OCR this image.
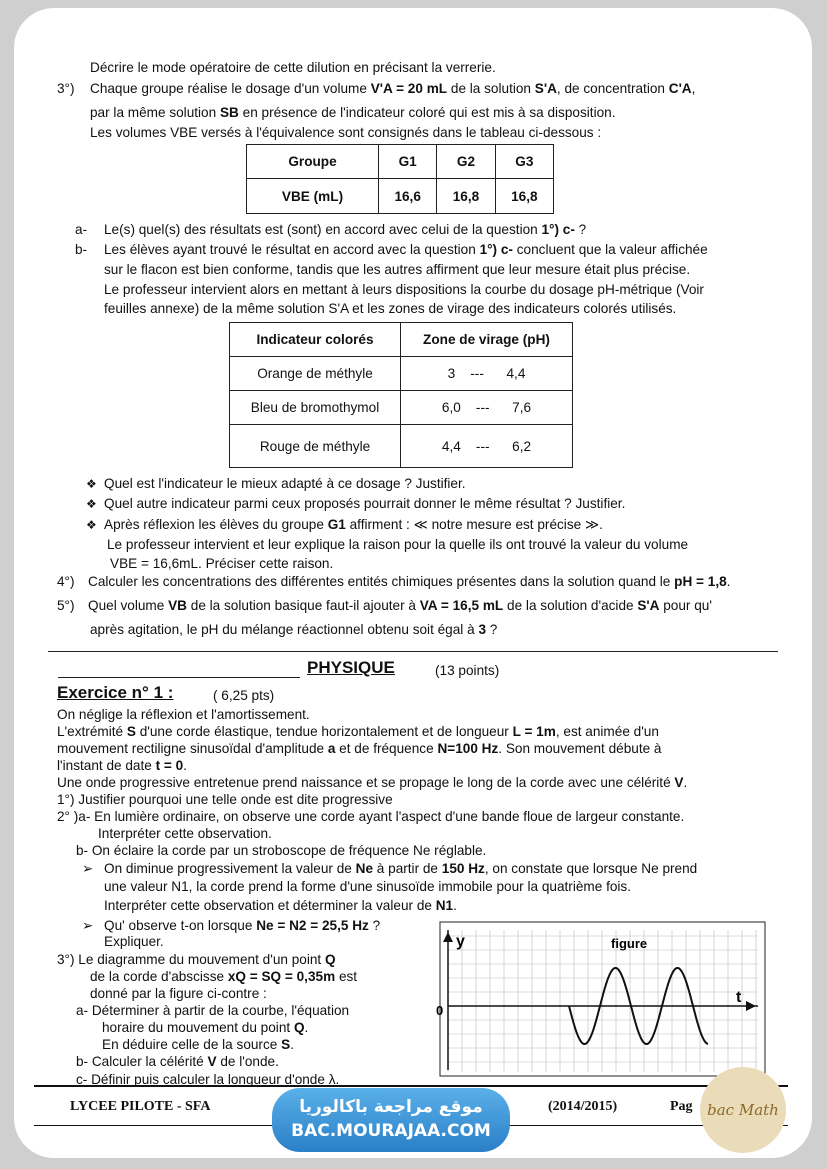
Décrire le mode opératoire de cette dilution en précisant la verrerie.
3°) Chaque groupe réalise le dosage d'un volume V'A = 20 mL de la solution S'A, de concentration C'A,
par la même solution SB en présence de l'indicateur coloré qui est mis à sa disposition.
Les volumes VBE versés à l'équivalence sont consignés dans le tableau ci-dessous :
Groupe	G1	G2	G3
VBE (mL)	16,6	16,8	16,8
a- Le(s) quel(s) des résultats est (sont) en accord avec celui de la question 1°) c- ?
b- Les élèves ayant trouvé le résultat en accord avec la question 1°) c- concluent que la valeur affichée
sur le flacon est bien conforme, tandis que les autres affirment que leur mesure était plus précise.
Le professeur intervient alors en mettant à leurs dispositions la courbe du dosage pH-métrique (Voir
feuilles annexe) de la même solution S'A et les zones de virage des indicateurs colorés utilisés.
Indicateur colorés	Zone de virage (pH)
Orange de méthyle	3    ---      4,4
Bleu de bromothymol	6,0    ---      7,6
Rouge de méthyle	4,4    ---      6,2
❖ Quel est l'indicateur le mieux adapté à ce dosage ? Justifier.
❖ Quel autre indicateur parmi ceux proposés pourrait donner le même résultat ? Justifier.
❖ Après réflexion les élèves du groupe G1 affirment : ≪ notre mesure est précise ≫.
Le professeur intervient et leur explique la raison pour la quelle ils ont trouvé la valeur du volume
VBE = 16,6mL. Préciser cette raison.
4°) Calculer les concentrations des différentes entités chimiques présentes dans la solution quand le pH = 1,8.
5°) Quel volume VB de la solution basique faut-il ajouter à VA = 16,5 mL de la solution d'acide S'A pour qu'
après agitation, le pH du mélange réactionnel obtenu soit égal à 3 ?
PHYSIQUE	(13 points)
Exercice n° 1 :	( 6,25 pts)
On néglige la réflexion et l'amortissement.
L'extrémité S d'une corde élastique, tendue horizontalement et de longueur L = 1m, est animée d'un
mouvement rectiligne sinusoïdal d'amplitude a et de fréquence N=100 Hz. Son mouvement débute à
l'instant de date t = 0.
Une onde progressive entretenue prend naissance et se propage le long de la corde avec une célérité V.
1°) Justifier pourquoi une telle onde est dite progressive
2° )a- En lumière ordinaire, on observe une corde ayant l'aspect d'une bande floue de largeur constante.
Interpréter cette observation.
b- On éclaire la corde par un stroboscope de fréquence Ne réglable.
➢ On diminue progressivement la valeur de Ne à partir de 150 Hz, on constate que lorsque Ne prend
une valeur N1, la corde prend la forme d'une sinusoïde immobile pour la quatrième fois.
Interpréter cette observation et déterminer la valeur de N1.
➢ Qu' observe t-on lorsque Ne = N2 = 25,5 Hz ?
Expliquer.
3°) Le diagramme du mouvement d'un point Q
de la corde d'abscisse xQ = SQ = 0,35m est
donné par la figure ci-contre :
a- Déterminer à partir de la courbe, l'équation
horaire du mouvement du point Q.
En déduire celle de la source S.
b- Calculer la célérité V de l'onde.
c- Définir puis calculer la longueur d'onde λ.
y
t
0
figure
LYCEE PILOTE - SFA	(2014/2015)	Pag
موقع مراجعة باكالوريا
BAC.MOURAJAA.COM
bac Math
